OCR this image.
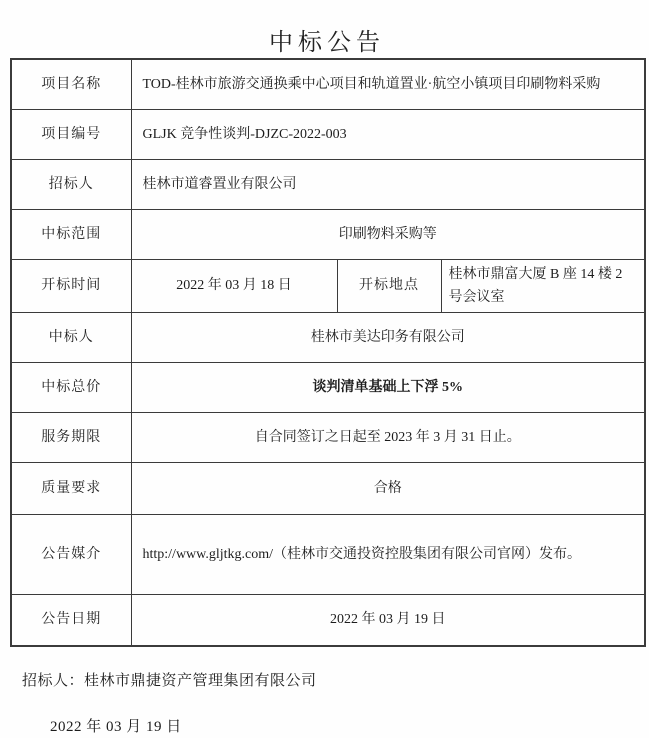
中标公告
项目名称	TOD-桂林市旅游交通换乘中心项目和轨道置业·航空小镇项目印刷物料采购		
项目编号	GLJK 竞争性谈判-DJZC-2022-003		
招标人	桂林市道睿置业有限公司		
中标范围	印刷物料采购等		
开标时间	2022 年 03 月 18 日	开标地点	桂林市鼎富大厦 B 座 14 楼 2 号会议室
中标人	桂林市美达印务有限公司		
中标总价	谈判清单基础上下浮 5%		
服务期限	自合同签订之日起至 2023 年 3 月 31 日止。		
质量要求	合格		
公告媒介	http://www.gljtkg.com/（桂林市交通投资控股集团有限公司官网）发布。		
公告日期	2022 年 03 月 19 日		
招标人：桂林市鼎捷资产管理集团有限公司
2022 年 03 月 19 日
